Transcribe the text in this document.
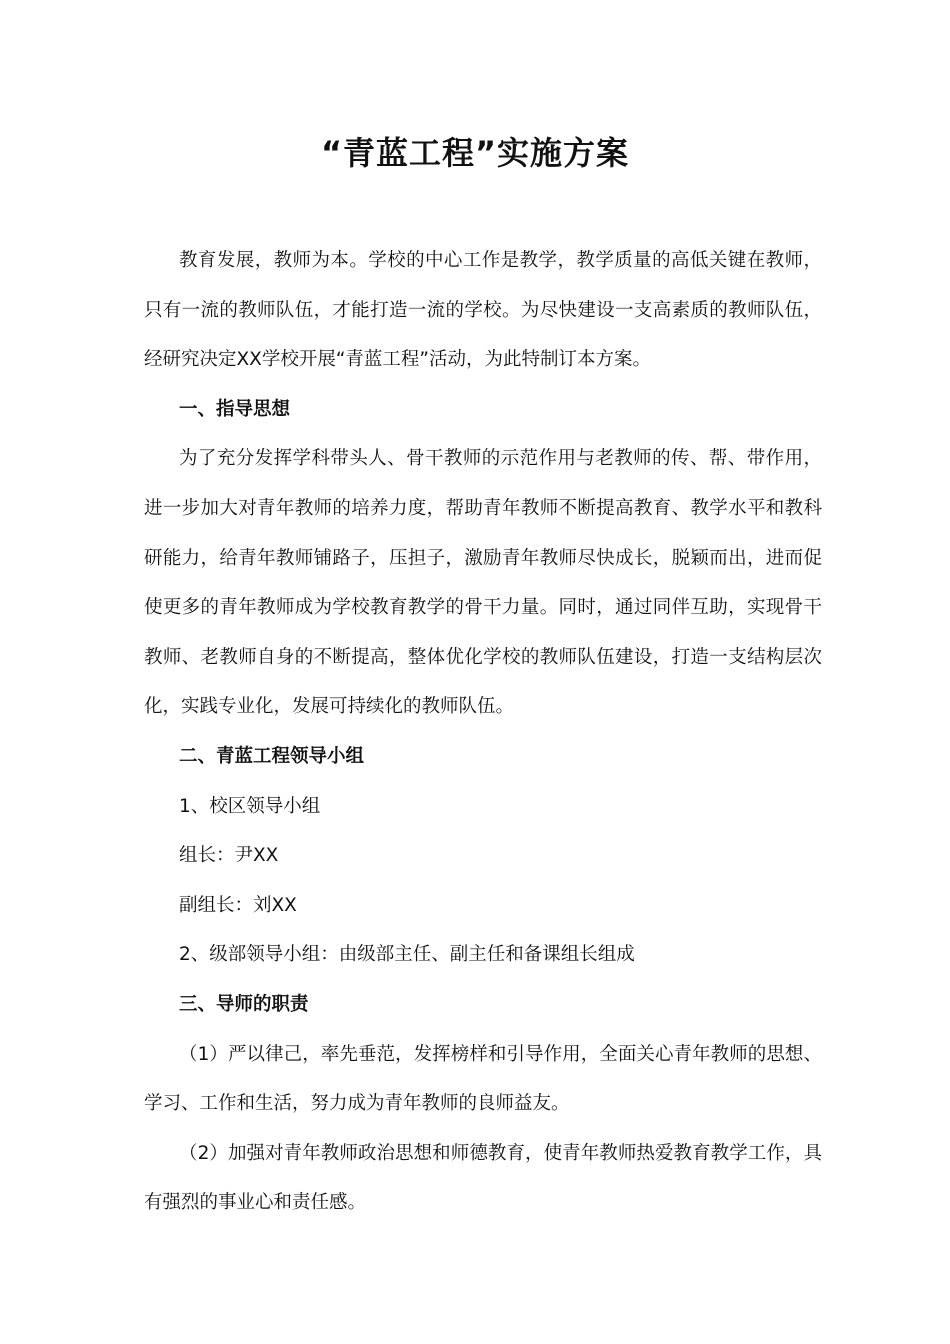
“青蓝工程”实施方案

教育发展，教师为本。学校的中心工作是教学，教学质量的高低关键在教师，只有一流的教师队伍，才能打造一流的学校。为尽快建设一支高素质的教师队伍，经研究决定XX学校开展“青蓝工程”活动，为此特制订本方案。

一、指导思想

为了充分发挥学科带头人、骨干教师的示范作用与老教师的传、帮、带作用，进一步加大对青年教师的培养力度，帮助青年教师不断提高教育、教学水平和教科研能力，给青年教师铺路子，压担子，激励青年教师尽快成长，脱颖而出，进而促使更多的青年教师成为学校教育教学的骨干力量。同时，通过同伴互助，实现骨干教师、老教师自身的不断提高，整体优化学校的教师队伍建设，打造一支结构层次化，实践专业化，发展可持续化的教师队伍。

二、青蓝工程领导小组

1、校区领导小组

组长：尹XX

副组长：刘XX

2、级部领导小组：由级部主任、副主任和备课组长组成

三、导师的职责

（1）严以律己，率先垂范，发挥榜样和引导作用，全面关心青年教师的思想、学习、工作和生活，努力成为青年教师的良师益友。

（2）加强对青年教师政治思想和师德教育，使青年教师热爱教育教学工作，具有强烈的事业心和责任感。
